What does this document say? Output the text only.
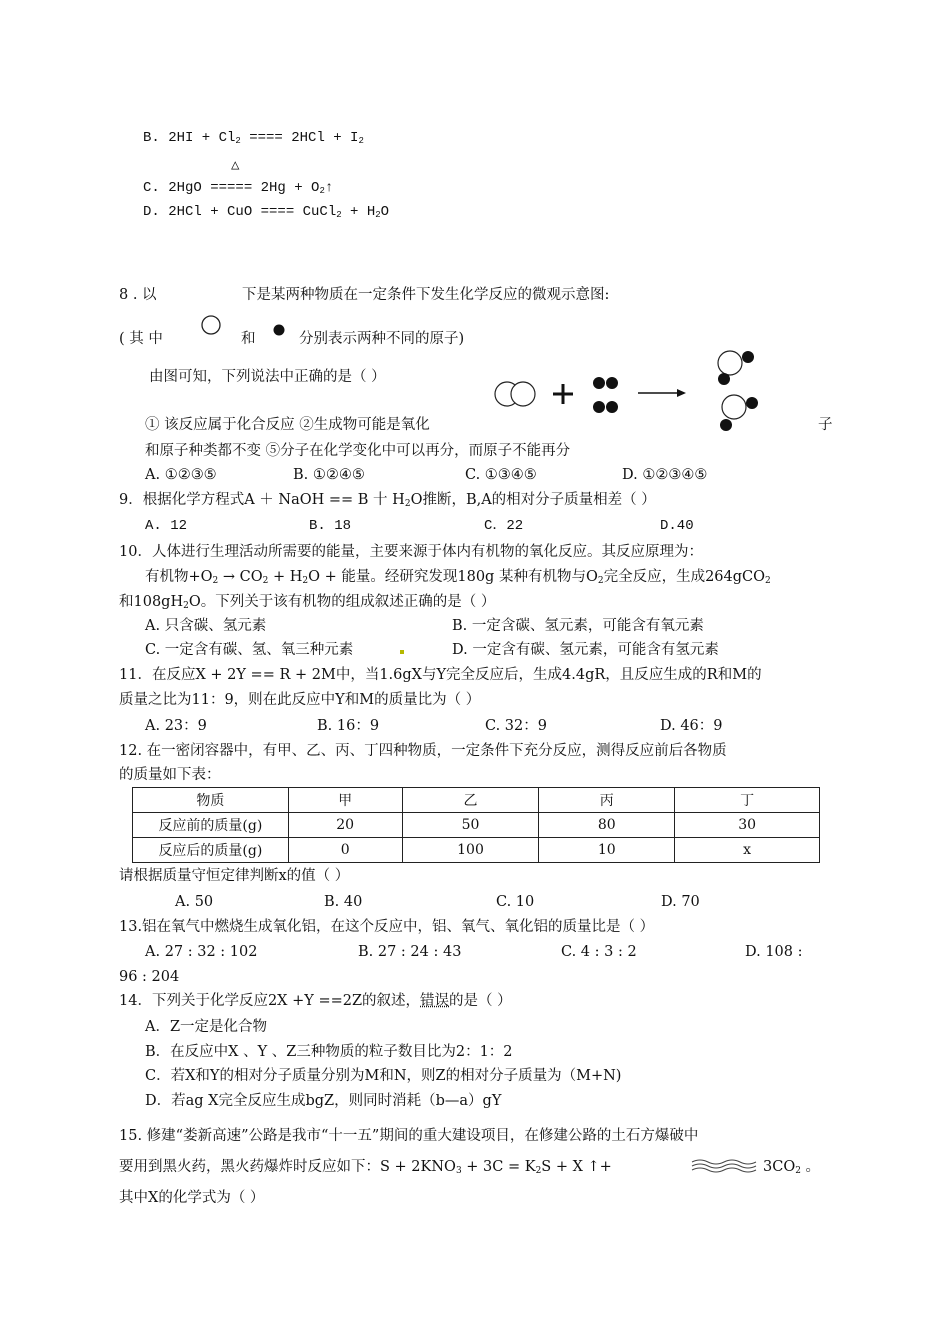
B. $2HI + Cl_2$ ==== $2HCl + I_2$
△
C. 2HgO ===== $2Hg + O_2↑$
D. 2HCl + CuO ==== CuCl$_2$ + $H_2O$
8 . 以	下是某两种物质在一定条件下发生化学反应的微观示意图:
( 其 中	和	分别表示两种不同的原子)
由图可知，下列说法中正确的是（ ）
① 该反应属于化合反应 ②生成物可能是氧化	子
和原子种类都不变 ⑤分子在化学变化中可以再分，而原子不能再分
A. ①②③⑤	B. ①②④⑤	C. ①③④⑤	D. ①②③④⑤
9．根据化学方程式A ＋ NaOH == B 十 $H_2O$推断，B,A的相对分子质量相差（ ）
A. 12	B. 18	C．22	D.40
10．人体进行生理活动所需要的能量，主要来源于体内有机物的氧化反应。其反应原理为：
有机物$+O_2 \to CO_2 + H_2O$ + 能量。经研究发现180g 某种有机物与$O_2$完全反应，生成264gCO$_2$
和$108gH_2O$。下列关于该有机物的组成叙述正确的是（ ）
A. 只含碳、氢元素	B. 一定含碳、氢元素，可能含有氧元素
C. 一定含有碳、氢、氧三种元素	D. 一定含有碳、氢元素，可能含有氢元素
11．在反应X + 2Y == R + 2M中，当1.6gX与Y完全反应后，生成4.4gR，且反应生成的R和M的
质量之比为11：9，则在此反应中Y和M的质量比为（ ）
A. 23：9	B. 16：9	C. 32：9	D. 46：9
12. 在一密闭容器中，有甲、乙、丙、丁四种物质，一定条件下充分反应，测得反应前后各物质
的质量如下表：
物质	甲	乙	丙	丁
反应前的质量(g)	20	50	80	30
反应后的质量(g)	0	100	10	x
请根据质量守恒定律判断x的值（ ）
A. 50	B. 40	C. 10	D. 70
13.铝在氧气中燃烧生成氧化铝，在这个反应中，铝、氧气、氧化铝的质量比是（ ）
A. 27 : 32 : 102	B. 27 : 24 : 43	C. 4 : 3 : 2	D. 108 :
96 : 204
14．下列关于化学反应2X +Y ==2Z的叙述，错误的是（ ）
A．Z一定是化合物
B．在反应中X 、Y 、Z三种物质的粒子数目比为2：1：2
C．若X和Y的相对分子质量分别为M和N，则Z的相对分子质量为（M+N)
D．若ag X完全反应生成bgZ，则同时消耗（b—a）gY
15. 修建“娄新高速”公路是我市“十一五”期间的重大建设项目，在修建公路的土石方爆破中
要用到黑火药，黑火药爆炸时反应如下：$S + 2KNO_3 + 3C = K_2S + X$ ↑+	$3CO_2$ 。
其中X的化学式为（ ）
